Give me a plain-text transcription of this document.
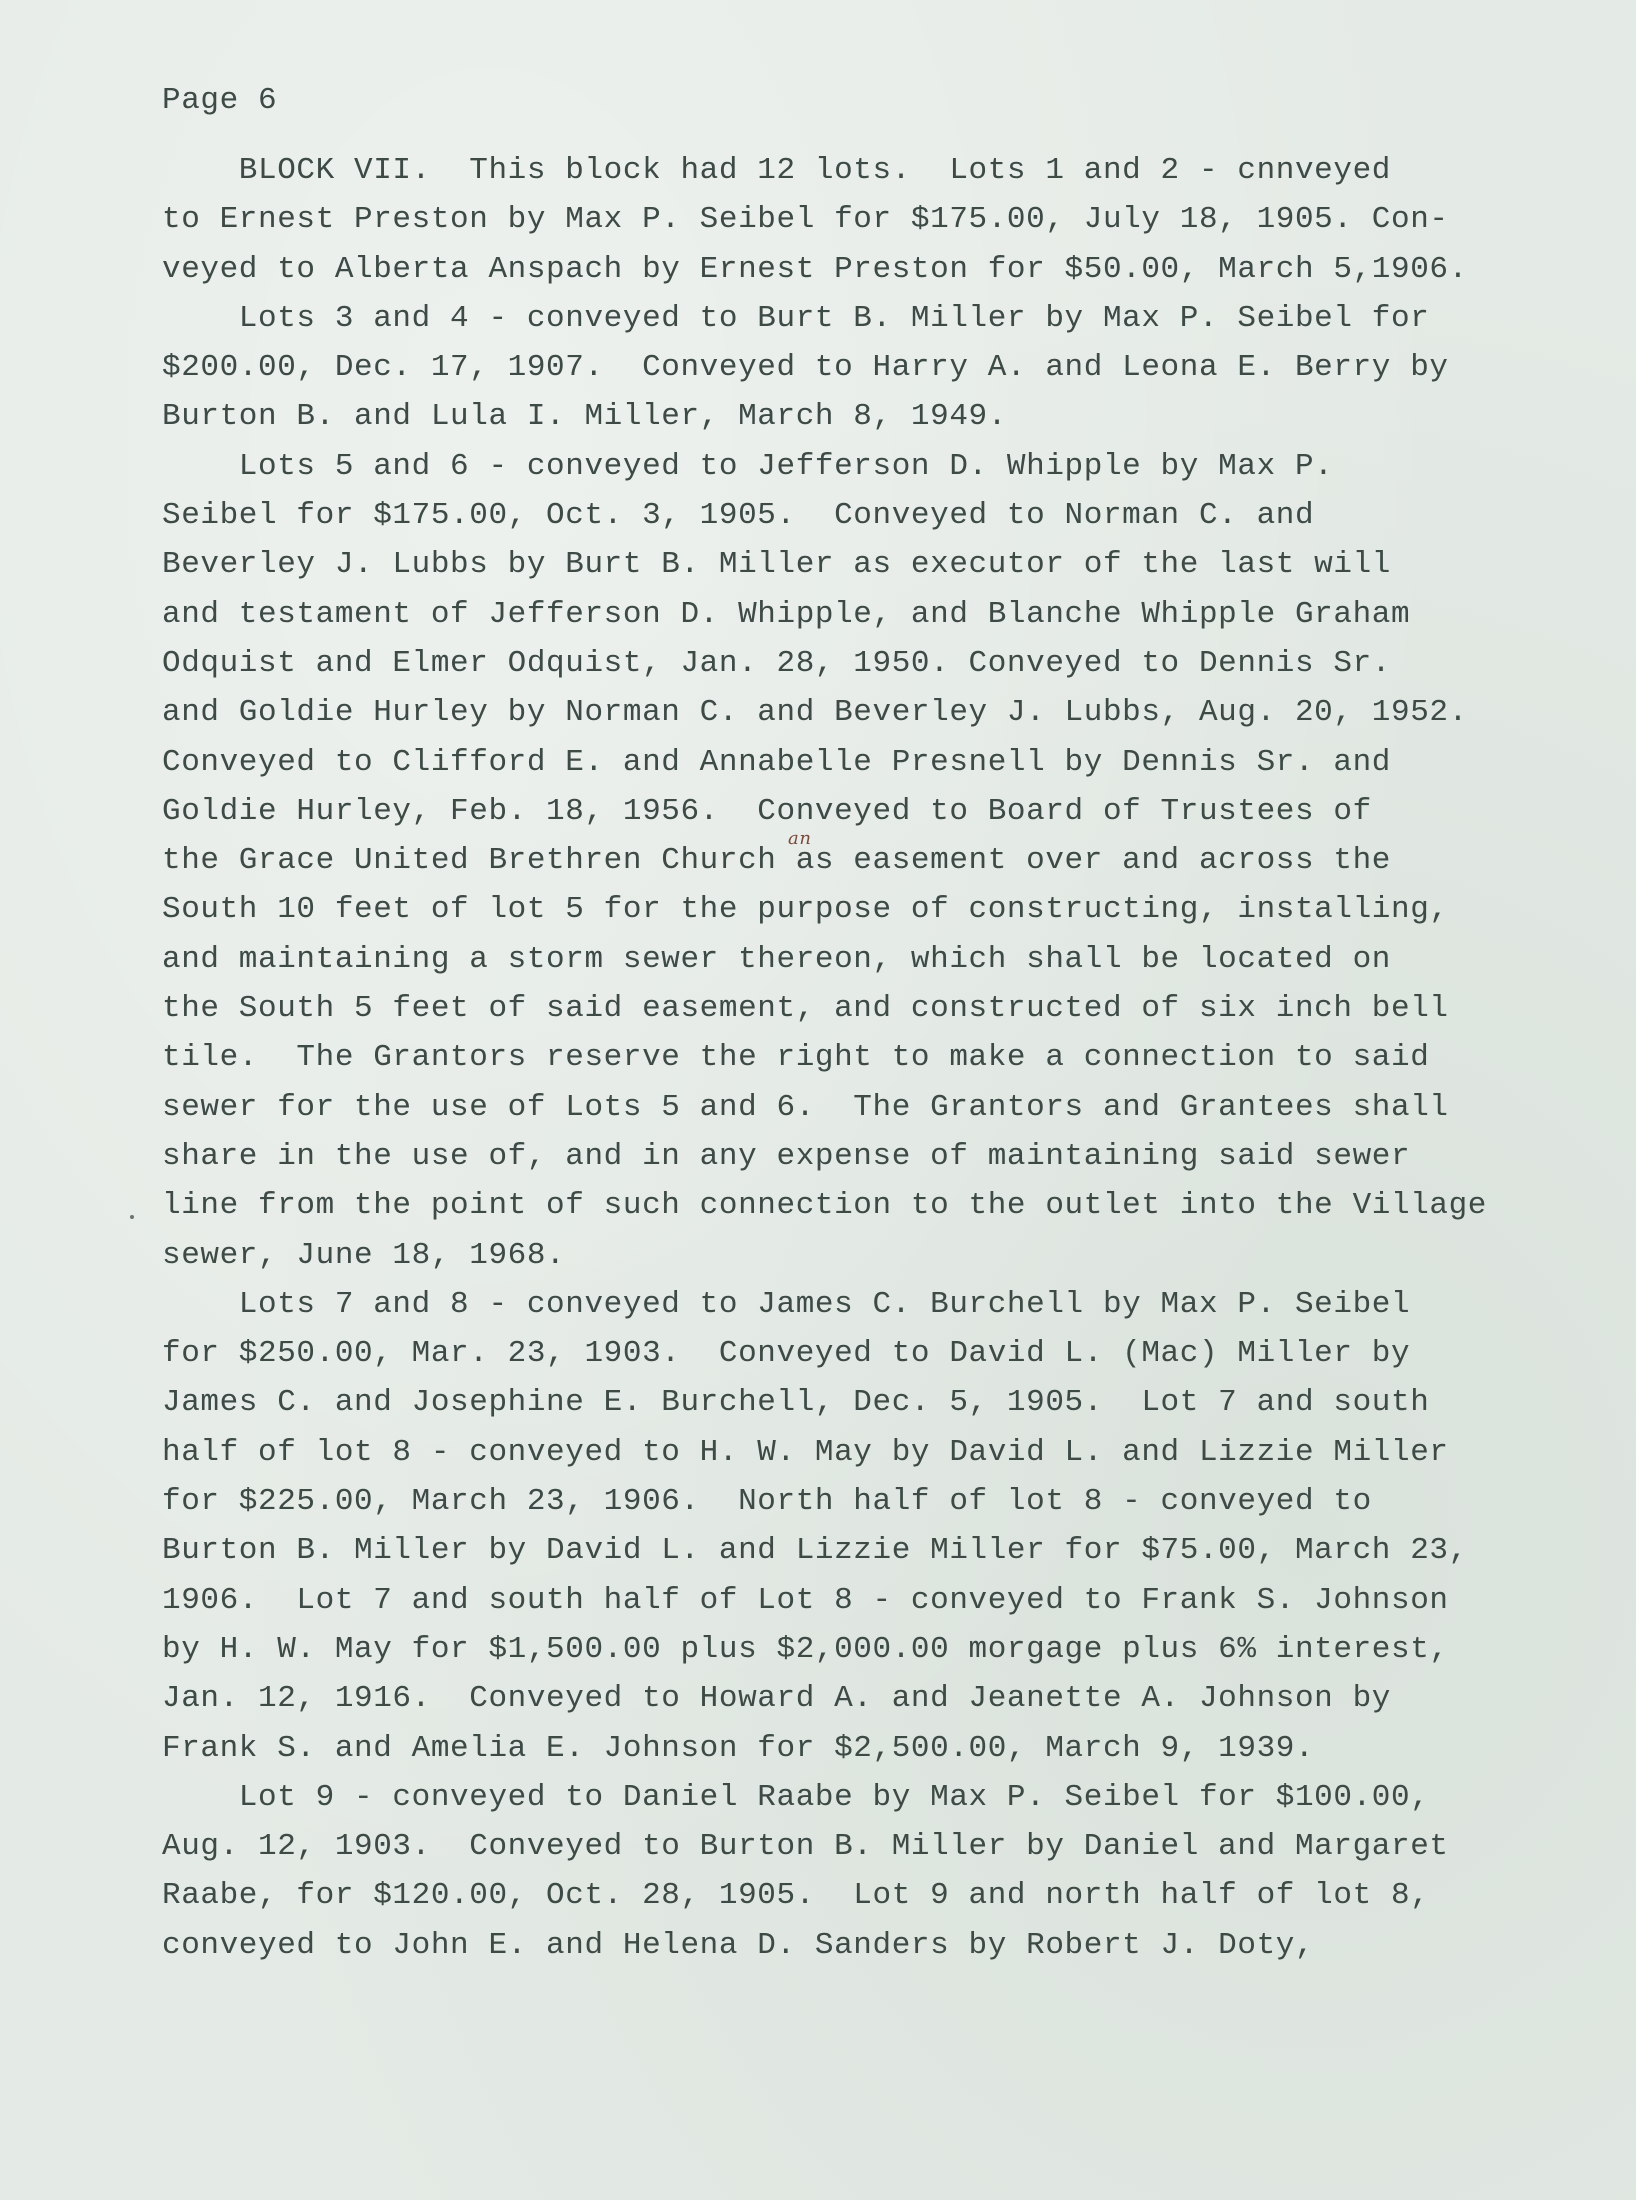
Page 6
BLOCK VII.  This block had 12 lots.  Lots 1 and 2 - cnnveyed
to Ernest Preston by Max P. Seibel for $175.00, July 18, 1905. Con-
veyed to Alberta Anspach by Ernest Preston for $50.00, March 5,1906.
Lots 3 and 4 - conveyed to Burt B. Miller by Max P. Seibel for
$200.00, Dec. 17, 1907.  Conveyed to Harry A. and Leona E. Berry by
Burton B. and Lula I. Miller, March 8, 1949.
Lots 5 and 6 - conveyed to Jefferson D. Whipple by Max P.
Seibel for $175.00, Oct. 3, 1905.  Conveyed to Norman C. and
Beverley J. Lubbs by Burt B. Miller as executor of the last will
and testament of Jefferson D. Whipple, and Blanche Whipple Graham
Odquist and Elmer Odquist, Jan. 28, 1950. Conveyed to Dennis Sr.
and Goldie Hurley by Norman C. and Beverley J. Lubbs, Aug. 20, 1952.
Conveyed to Clifford E. and Annabelle Presnell by Dennis Sr. and
Goldie Hurley, Feb. 18, 1956.  Conveyed to Board of Trustees of
the Grace United Brethren Church as easement over and across the
South 10 feet of lot 5 for the purpose of constructing, installing,
and maintaining a storm sewer thereon, which shall be located on
the South 5 feet of said easement, and constructed of six inch bell
tile.  The Grantors reserve the right to make a connection to said
sewer for the use of Lots 5 and 6.  The Grantors and Grantees shall
share in the use of, and in any expense of maintaining said sewer
line from the point of such connection to the outlet into the Village
sewer, June 18, 1968.
Lots 7 and 8 - conveyed to James C. Burchell by Max P. Seibel
for $250.00, Mar. 23, 1903.  Conveyed to David L. (Mac) Miller by
James C. and Josephine E. Burchell, Dec. 5, 1905.  Lot 7 and south
half of lot 8 - conveyed to H. W. May by David L. and Lizzie Miller
for $225.00, March 23, 1906.  North half of lot 8 - conveyed to
Burton B. Miller by David L. and Lizzie Miller for $75.00, March 23,
1906.  Lot 7 and south half of Lot 8 - conveyed to Frank S. Johnson
by H. W. May for $1,500.00 plus $2,000.00 morgage plus 6% interest,
Jan. 12, 1916.  Conveyed to Howard A. and Jeanette A. Johnson by
Frank S. and Amelia E. Johnson for $2,500.00, March 9, 1939.
Lot 9 - conveyed to Daniel Raabe by Max P. Seibel for $100.00,
Aug. 12, 1903.  Conveyed to Burton B. Miller by Daniel and Margaret
Raabe, for $120.00, Oct. 28, 1905.  Lot 9 and north half of lot 8,
conveyed to John E. and Helena D. Sanders by Robert J. Doty,
an
